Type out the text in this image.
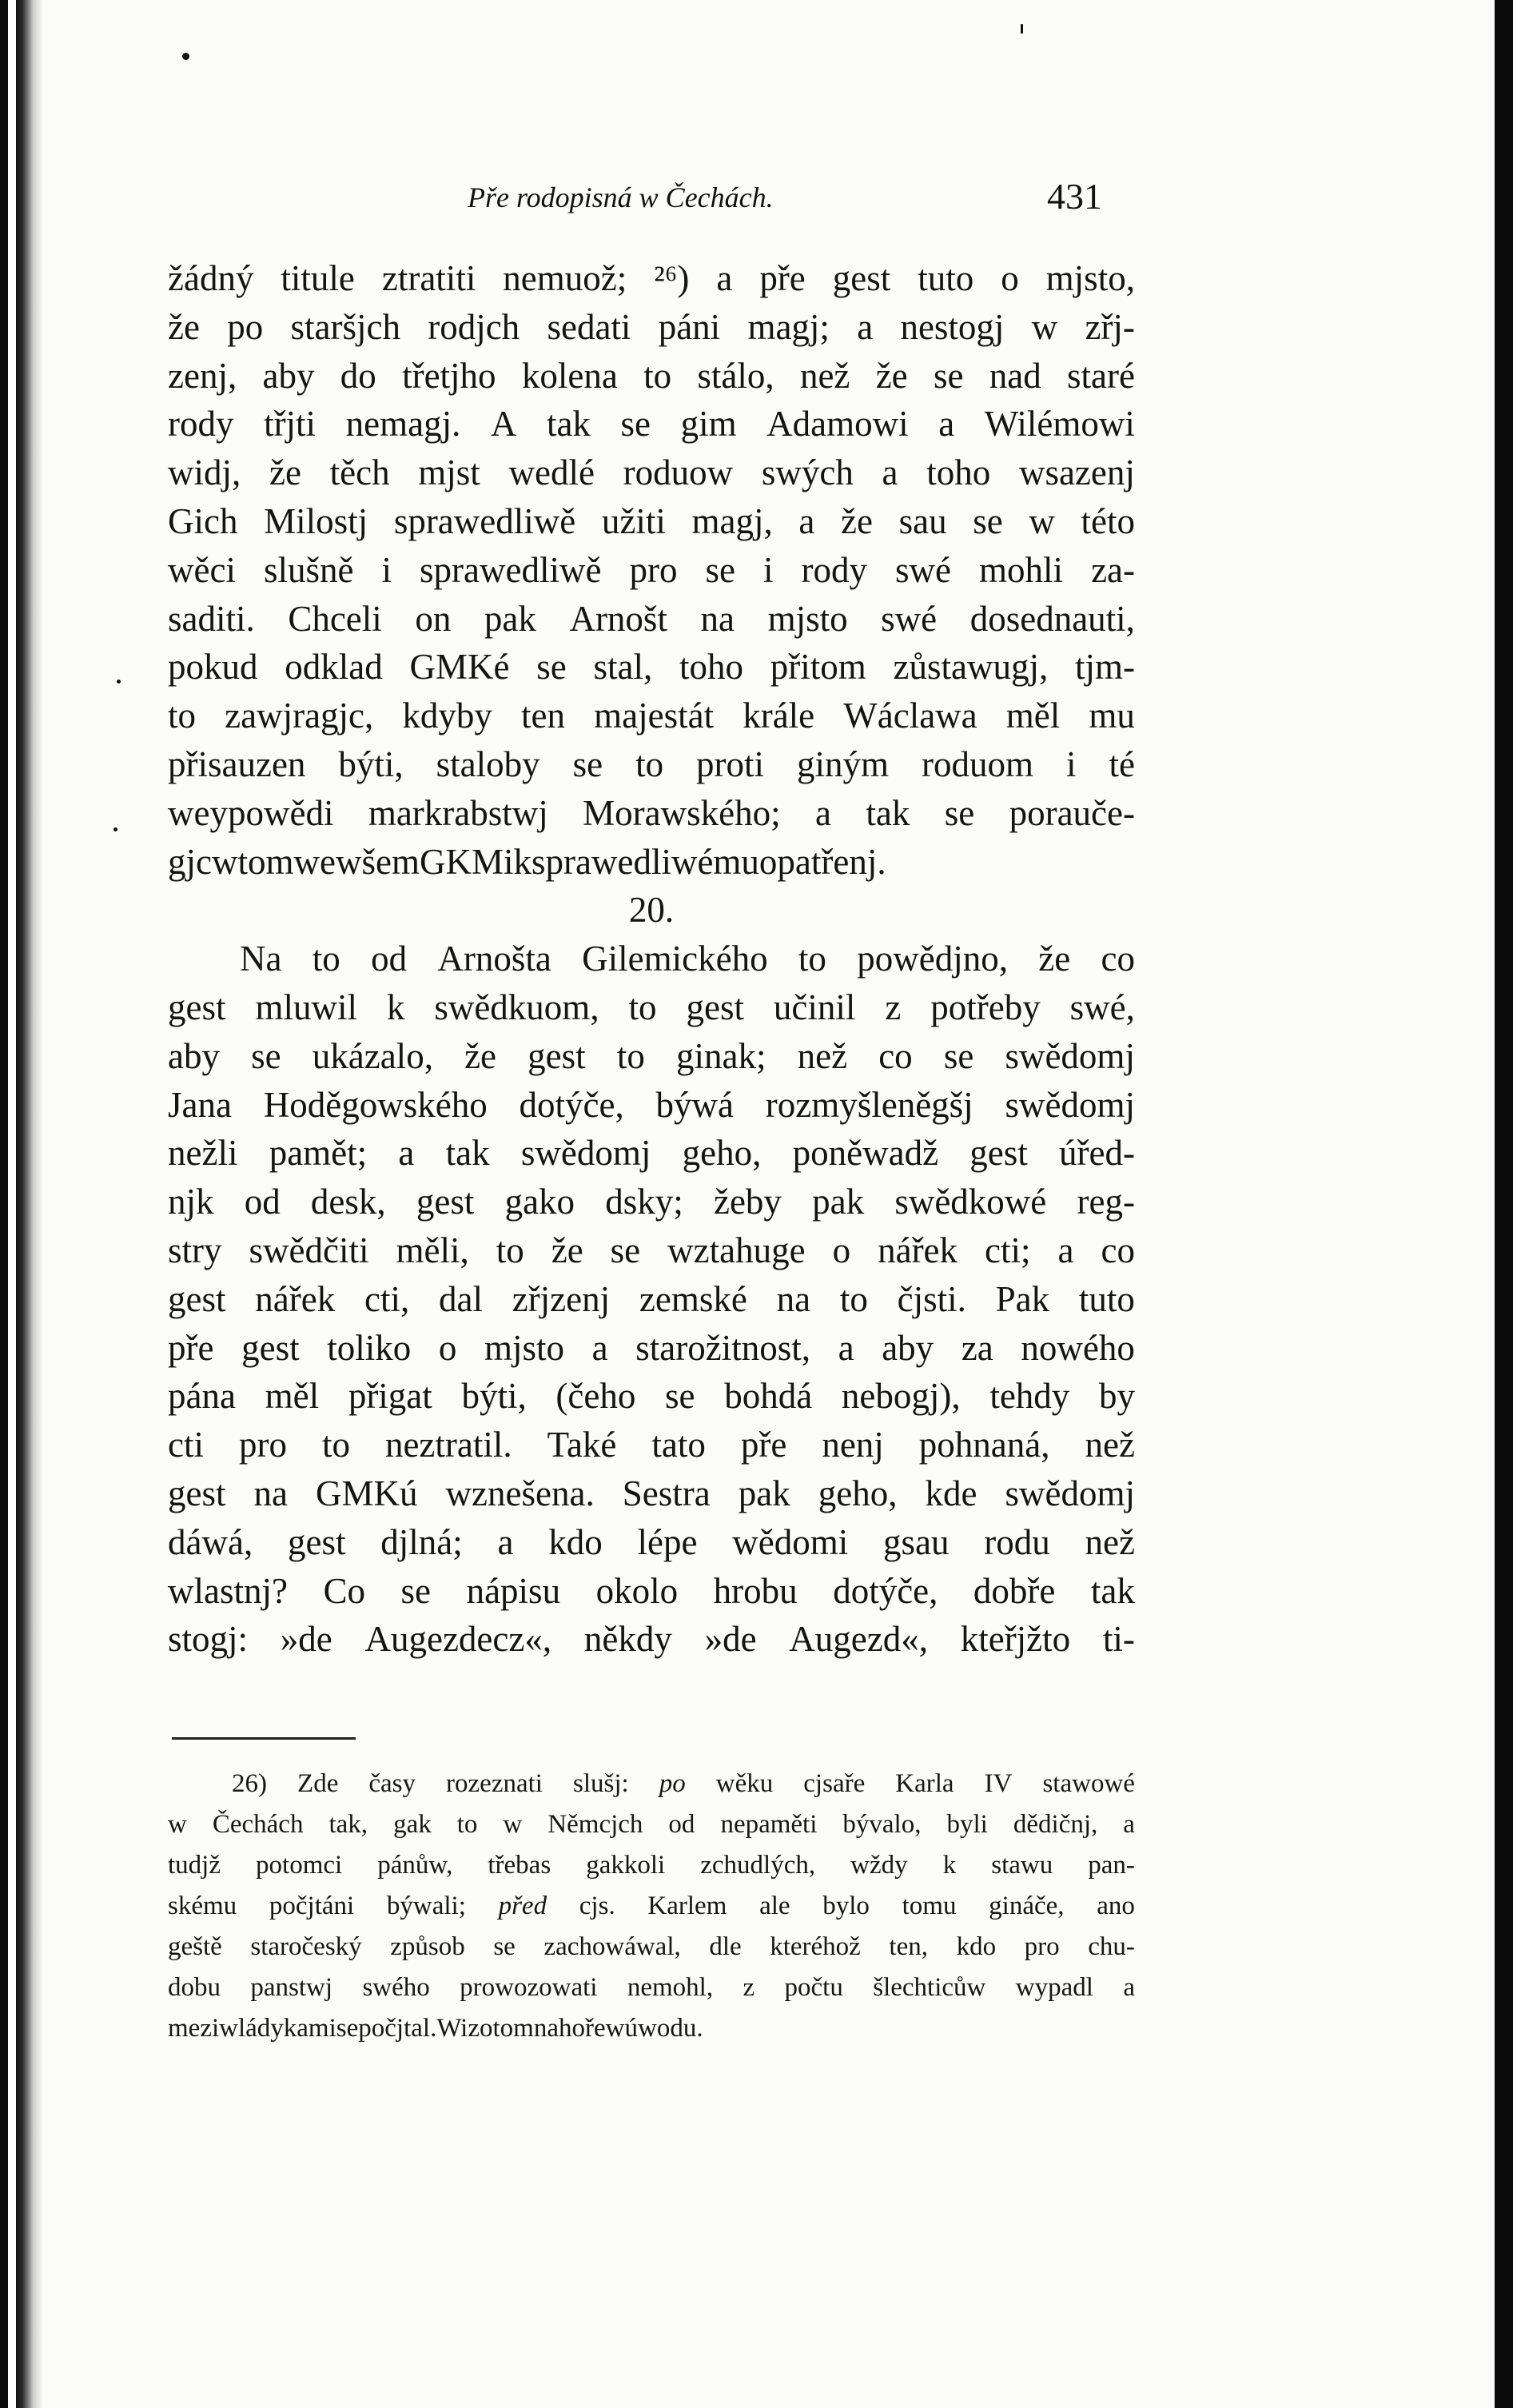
Pře rodopisná w Čechách.	431
žádný titule ztratiti nemuož; ²⁶) a pře gest tuto o mjsto,
že po staršjch rodjch sedati páni magj; a nestogj w zřj-
zenj, aby do třetjho kolena to stálo, než že se nad staré
rody třjti nemagj. A tak se gim Adamowi a Wilémowi
widj, že těch mjst wedlé roduow swých a toho wsazenj
Gich Milostj sprawedliwě užiti magj, a že sau se w této
wěci slušně i sprawedliwě pro se i rody swé mohli za-
saditi. Chceli on pak Arnošt na mjsto swé dosednauti,
pokud odklad GMKé se stal, toho přitom zůstawugj, tjm-
to zawjragjc, kdyby ten majestát krále Wáclawa měl mu
přisauzen býti, staloby se to proti giným roduom i té
weypowědi markrabstwj Morawského; a tak se porauče-
gjc w tom we wšem GKMi k sprawedliwému opatřenj.
20.
Na to od Arnošta Gilemického to powědjno, že co
gest mluwil k swědkuom, to gest učinil z potřeby swé,
aby se ukázalo, že gest to ginak; než co se swědomj
Jana Hoděgowského dotýče, býwá rozmyšleněgšj swědomj
nežli pamět; a tak swědomj geho, poněwadž gest úřed-
njk od desk, gest gako dsky; žeby pak swědkowé reg-
stry swědčiti měli, to že se wztahuge o nářek cti; a co
gest nářek cti, dal zřjzenj zemské na to čjsti. Pak tuto
pře gest toliko o mjsto a starožitnost, a aby za nowého
pána měl přigat býti, (čeho se bohdá nebogj), tehdy by
cti pro to neztratil. Také tato pře nenj pohnaná, než
gest na GMKú wznešena. Sestra pak geho, kde swědomj
dáwá, gest djlná; a kdo lépe wědomi gsau rodu než
wlastnj? Co se nápisu okolo hrobu dotýče, dobře tak
stogj: »de Augezdecz«, někdy »de Augezd«, kteřjžto ti-
26) Zde časy rozeznati slušj: po wěku cjsaře Karla IV stawowé
w Čechách tak, gak to w Němcjch od nepaměti bývalo, byli dědičnj, a
tudjž potomci pánůw, třebas gakkoli zchudlých, wždy k stawu pan-
skému počjtáni býwali; před cjs. Karlem ale bylo tomu gináče, ano
geště staročeský způsob se zachowáwal, dle kteréhož ten, kdo pro chu-
dobu panstwj swého prowozowati nemohl, z počtu šlechticůw wypadl a
mezi wládykami se počjtal. Wiz o tom nahoře w úwodu.
